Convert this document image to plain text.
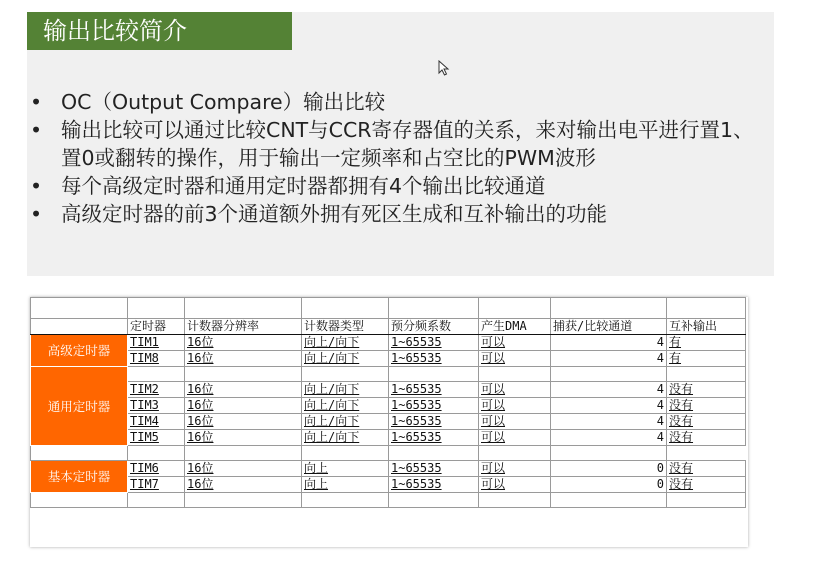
输出比较简介
• OC（Output Compare）输出比较
• 输出比较可以通过比较CNT与CCR寄存器值的关系，来对输出电平进行置1、置0或翻转的操作，用于输出一定频率和占空比的PWM波形
• 每个高级定时器和通用定时器都拥有4个输出比较通道
• 高级定时器的前3个通道额外拥有死区生成和互补输出的功能

	定时器	计数器分辨率	计数器类型	预分频系数	产生DMA	捕获/比较通道	互补输出
高级定时器	TIM1	16位	向上/向下	1~65535	可以	4	有
	TIM8	16位	向上/向下	1~65535	可以	4	有
通用定时器							
	TIM2	16位	向上/向下	1~65535	可以	4	没有
	TIM3	16位	向上/向下	1~65535	可以	4	没有
	TIM4	16位	向上/向下	1~65535	可以	4	没有
	TIM5	16位	向上/向下	1~65535	可以	4	没有

基本定时器	TIM6	16位	向上	1~65535	可以	0	没有
	TIM7	16位	向上	1~65535	可以	0	没有
